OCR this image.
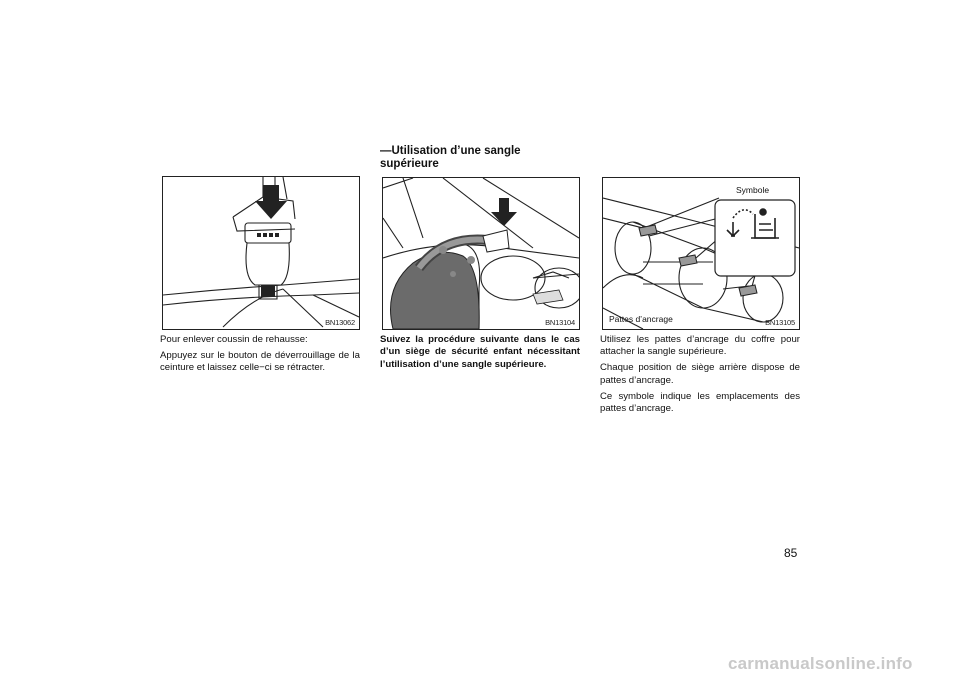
—Utilisation d’une sangle
supérieure
BN13062	BN13104
Symbole
Pattes d’ancrage	BN13105

Pour enlever coussin de rehausse:

Appuyez sur le bouton de déverrouillage de la ceinture et laissez celle−ci se rétracter.

Suivez la procédure suivante dans le cas d’un siège de sécurité enfant nécessitant l’utilisation d’une sangle supérieure.

Utilisez les pattes d’ancrage du coffre pour attacher la sangle supérieure.

Chaque position de siège arrière dispose de pattes d’ancrage.

Ce symbole indique les emplacements des pattes d’ancrage.

85
carmanualsonline.info
